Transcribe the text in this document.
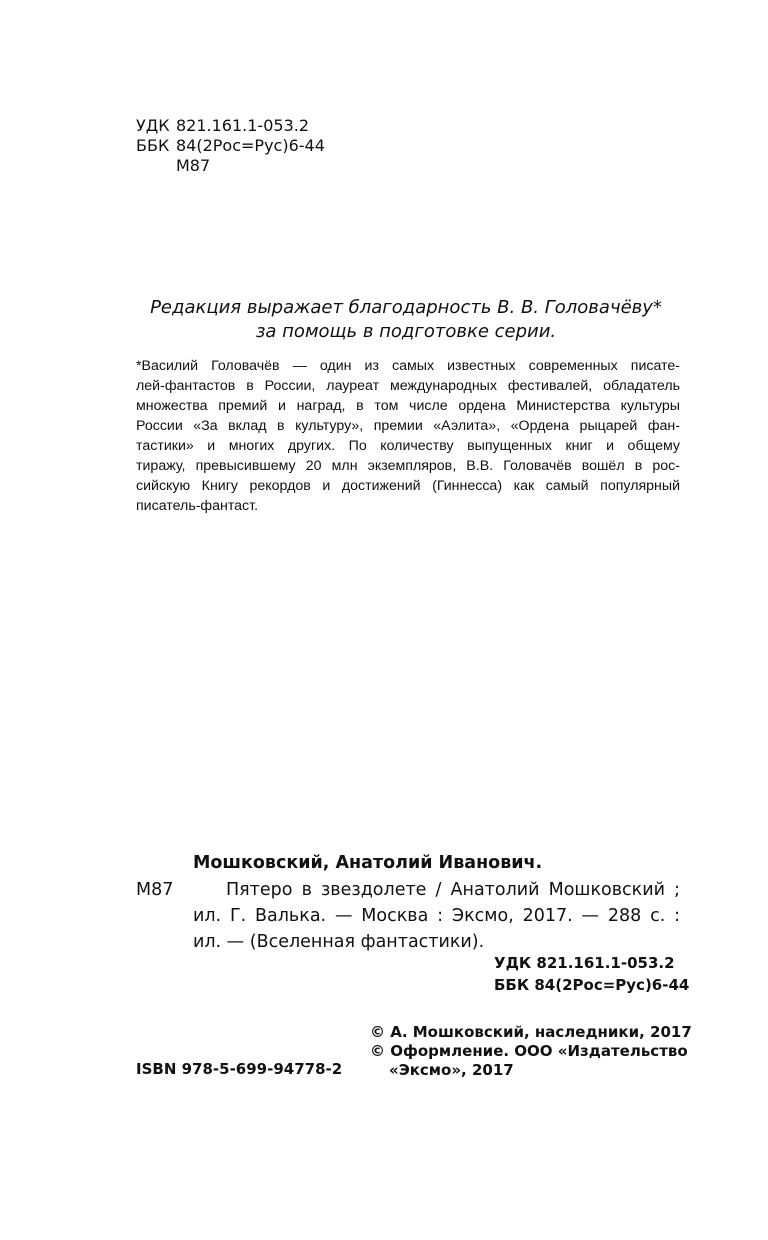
УДК 821.161.1-053.2
ББК 84(2Рос=Рус)6-44
М87
Редакция выражает благодарность В. В. Головачёву*
за помощь в подготовке серии.
*Василий Головачёв — один из самых известных современных писате-
лей-фантастов в России, лауреат международных фестивалей, обладатель
множества премий и наград, в том числе ордена Министерства культуры
России «За вклад в культуру», премии «Аэлита», «Ордена рыцарей фан-
тастики» и многих других. По количеству выпущенных книг и общему
тиражу, превысившему 20 млн экземпляров, В.В. Головачёв вошёл в рос-
сийскую Книгу рекордов и достижений (Гиннесса) как самый популярный
писатель-фантаст.
Мошковский, Анатолий Иванович.
М87	Пятеро в звездолете / Анатолий Мошковский ;
ил. Г. Валька. — Москва : Эксмо, 2017. — 288 с. :
ил. — (Вселенная фантастики).
УДК 821.161.1-053.2
ББК 84(2Рос=Рус)6-44
© А. Мошковский, наследники, 2017
© Оформление. ООО «Издательство
«Эксмо», 2017
ISBN 978-5-699-94778-2
